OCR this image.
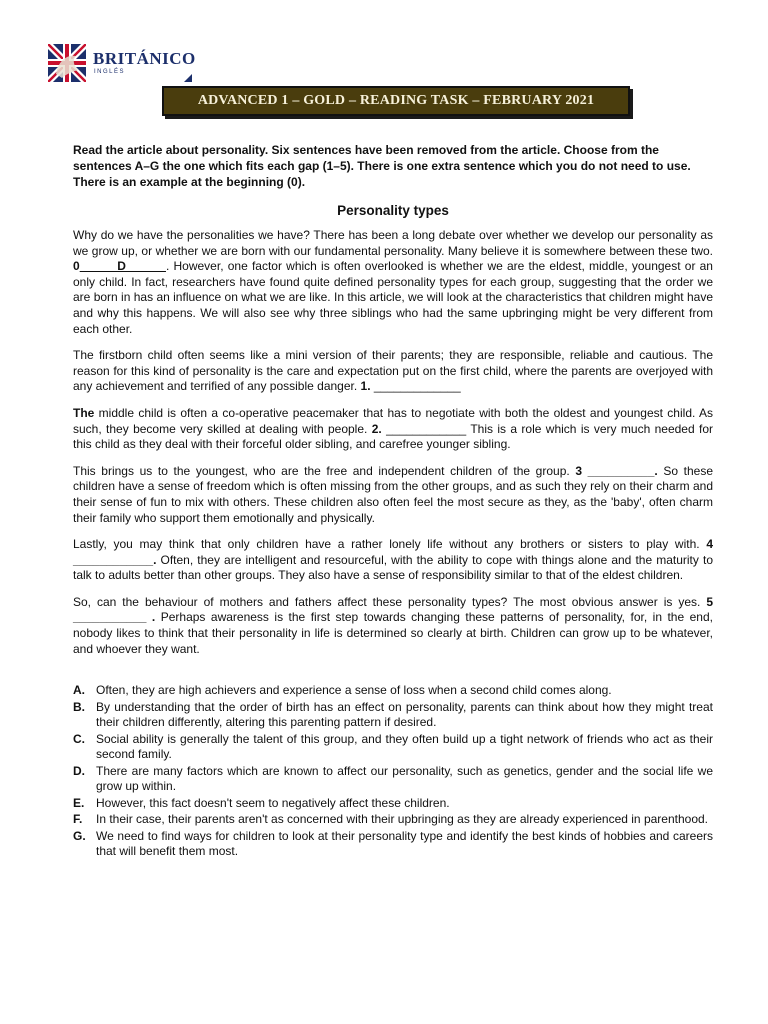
BRITÁNICO
INGLÉS
ADVANCED 1 – GOLD – READING TASK – FEBRUARY 2021

Read the article about personality. Six sentences have been removed from the article. Choose from the sentences A–G the one which fits each gap (1–5). There is one extra sentence which you do not need to use. There is an example at the beginning (0).

Personality types

Why do we have the personalities we have? There has been a long debate over whether we develop our personality as we grow up, or whether we are born with our fundamental personality. Many believe it is somewhere between these two. 0 _____D______. However, one factor which is often overlooked is whether we are the eldest, middle, youngest or an only child. In fact, researchers have found quite defined personality types for each group, suggesting that the order we are born in has an influence on what we are like. In this article, we will look at the characteristics that children might have and why this happens. We will also see why three siblings who had the same upbringing might be very different from each other.

The firstborn child often seems like a mini version of their parents; they are responsible, reliable and cautious. The reason for this kind of personality is the care and expectation put on the first child, where the parents are overjoyed with any achievement and terrified of any possible danger. 1. _____________

The middle child is often a co-operative peacemaker that has to negotiate with both the oldest and youngest child. As such, they become very skilled at dealing with people. 2. ____________ This is a role which is very much needed for this child as they deal with their forceful older sibling, and carefree younger sibling.

This brings us to the youngest, who are the free and independent children of the group. 3 __________. So these children have a sense of freedom which is often missing from the other groups, and as such they rely on their charm and their sense of fun to mix with others. These children also often feel the most secure as they, as the 'baby', often charm their family who support them emotionally and physically.

Lastly, you may think that only children have a rather lonely life without any brothers or sisters to play with. 4 ____________. Often, they are intelligent and resourceful, with the ability to cope with things alone and the maturity to talk to adults better than other groups. They also have a sense of responsibility similar to that of the eldest children.

So, can the behaviour of mothers and fathers affect these personality types? The most obvious answer is yes. 5 ___________ . Perhaps awareness is the first step towards changing these patterns of personality, for, in the end, nobody likes to think that their personality in life is determined so clearly at birth. Children can grow up to be whatever, and whoever they want.

A. Often, they are high achievers and experience a sense of loss when a second child comes along.
B. By understanding that the order of birth has an effect on personality, parents can think about how they might treat their children differently, altering this parenting pattern if desired.
C. Social ability is generally the talent of this group, and they often build up a tight network of friends who act as their second family.
D. There are many factors which are known to affect our personality, such as genetics, gender and the social life we grow up within.
E. However, this fact doesn't seem to negatively affect these children.
F.	In their case, their parents aren't as concerned with their upbringing as they are already experienced in parenthood.
G. We need to find ways for children to look at their personality type and identify the best kinds of hobbies and careers that will benefit them most.
